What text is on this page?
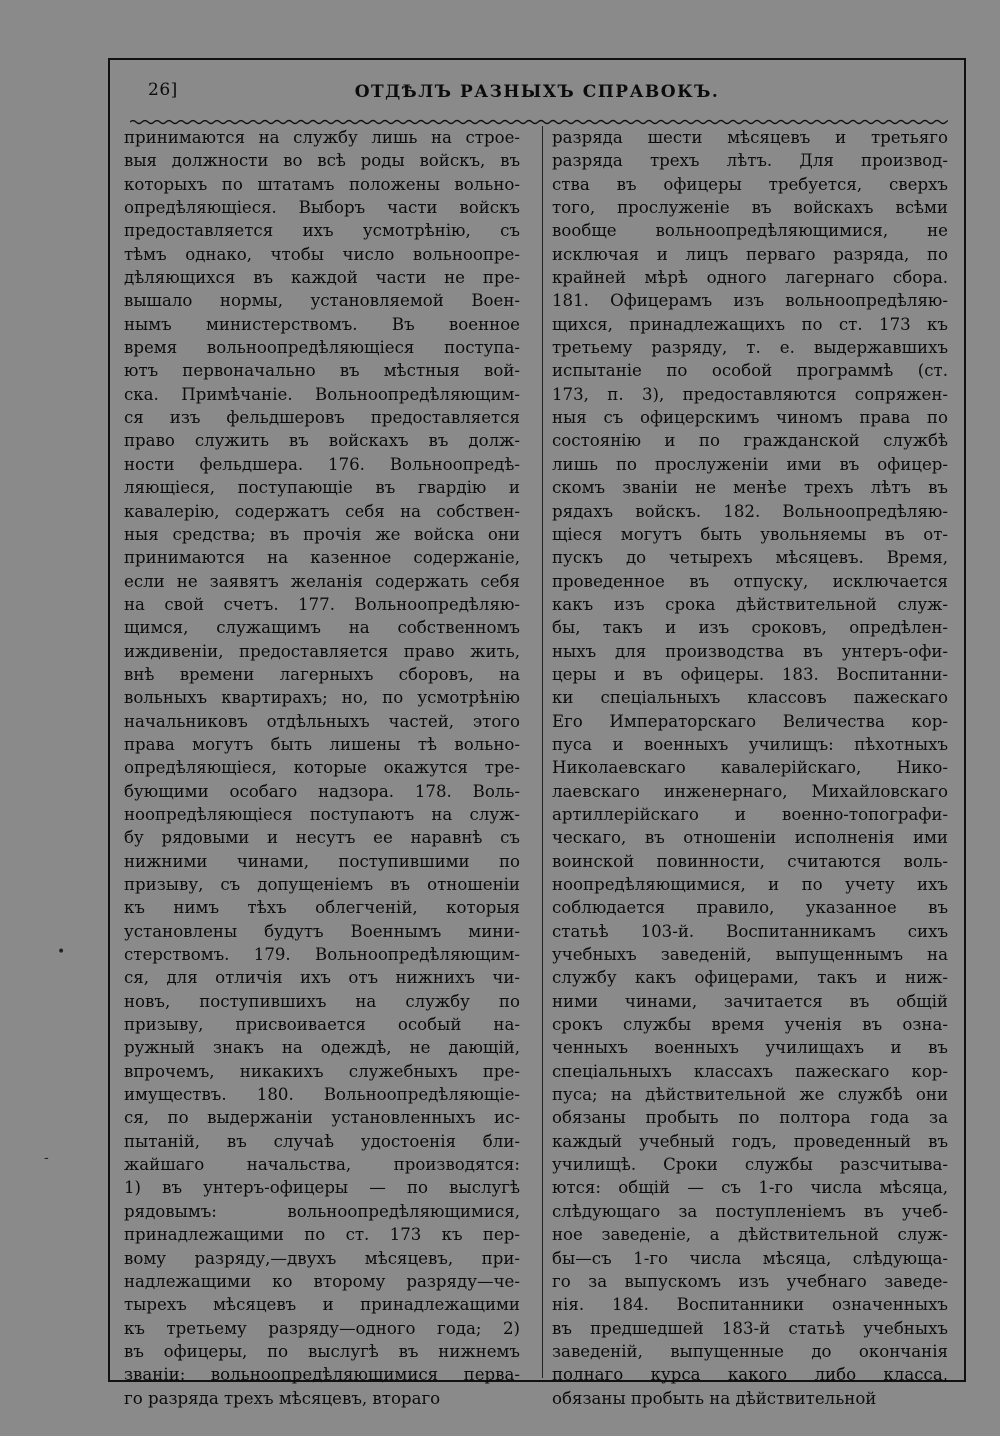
26]	ОТДѢЛЪ РАЗНЫХЪ СПРАВОКЪ.
принимаются на службу лишь на строе-
выя должности во всѣ роды войскъ, въ
которыхъ по штатамъ положены вольно-
опредѣляющіеся. Выборъ части войскъ
предоставляется ихъ усмотрѣнію, съ
тѣмъ однако, чтобы число вольноопре-
дѣляющихся въ каждой части не пре-
вышало нормы, установляемой Воен-
нымъ министерствомъ. Въ военное
время вольноопредѣляющіеся поступа-
ютъ первоначально въ мѣстныя вой-
ска. Примѣчаніе. Вольноопредѣляющим-
ся изъ фельдшеровъ предоставляется
право служить въ войскахъ въ долж-
ности фельдшера. 176. Вольноопредѣ-
ляющіеся, поступающіе въ гвардію и
кавалерію, содержатъ себя на собствен-
ныя средства; въ прочія же войска они
принимаются на казенное содержаніе,
если не заявятъ желанія содержать себя
на свой счетъ. 177. Вольноопредѣляю-
щимся, служащимъ на собственномъ
иждивеніи, предоставляется право жить,
внѣ времени лагерныхъ сборовъ, на
вольныхъ квартирахъ; но, по усмотрѣнію
начальниковъ отдѣльныхъ частей, этого
права могутъ быть лишены тѣ вольно-
опредѣляющіеся, которые окажутся тре-
бующими особаго надзора. 178. Воль-
ноопредѣляющіеся поступаютъ на служ-
бу рядовыми и несутъ ее наравнѣ съ
нижними чинами, поступившими по
призыву, съ допущеніемъ въ отношеніи
къ нимъ тѣхъ облегченій, которыя
установлены будутъ Военнымъ мини-
стерствомъ. 179. Вольноопредѣляющим-
ся, для отличія ихъ отъ нижнихъ чи-
новъ, поступившихъ на службу по
призыву, присвоивается особый на-
ружный знакъ на одеждѣ, не дающій,
впрочемъ, никакихъ служебныхъ пре-
имуществъ. 180. Вольноопредѣляющіе-
ся, по выдержаніи установленныхъ ис-
пытаній, въ случаѣ удостоенія бли-
жайшаго начальства, производятся:
1) въ унтеръ-офицеры — по выслугѣ
рядовымъ: вольноопредѣляющимися,
принадлежащими по ст. 173 къ пер-
вому разряду,—двухъ мѣсяцевъ, при-
надлежащими ко второму разряду—че-
тырехъ мѣсяцевъ и принадлежащими
къ третьему разряду—одного года; 2)
въ офицеры, по выслугѣ въ нижнемъ
званіи: вольноопредѣляющимися перва-
го разряда трехъ мѣсяцевъ, втораго
разряда шести мѣсяцевъ и третьяго
разряда трехъ лѣтъ. Для производ-
ства въ офицеры требуется, сверхъ
того, прослуженіе въ войскахъ всѣми
вообще вольноопредѣляющимися, не
исключая и лицъ перваго разряда, по
крайней мѣрѣ одного лагернаго сбора.
181. Офицерамъ изъ вольноопредѣляю-
щихся, принадлежащихъ по ст. 173 къ
третьему разряду, т. е. выдержавшихъ
испытаніе по особой программѣ (ст.
173, п. 3), предоставляются сопряжен-
ныя съ офицерскимъ чиномъ права по
состоянію и по гражданской службѣ
лишь по прослуженіи ими въ офицер-
скомъ званіи не менѣе трехъ лѣтъ въ
рядахъ войскъ. 182. Вольноопредѣляю-
щіеся могутъ быть увольняемы въ от-
пускъ до четырехъ мѣсяцевъ. Время,
проведенное въ отпуску, исключается
какъ изъ срока дѣйствительной служ-
бы, такъ и изъ сроковъ, опредѣлен-
ныхъ для производства въ унтеръ-офи-
церы и въ офицеры. 183. Воспитанни-
ки спеціальныхъ классовъ пажескаго
Его Императорскаго Величества кор-
пуса и военныхъ училищъ: пѣхотныхъ
Николаевскаго кавалерійскаго, Нико-
лаевскаго инженернаго, Михайловскаго
артиллерійскаго и военно-топографи-
ческаго, въ отношеніи исполненія ими
воинской повинности, считаются воль-
ноопредѣляющимися, и по учету ихъ
соблюдается правило, указанное въ
статьѣ 103-й. Воспитанникамъ сихъ
учебныхъ заведеній, выпущеннымъ на
службу какъ офицерами, такъ и ниж-
ними чинами, зачитается въ общій
срокъ службы время ученія въ озна-
ченныхъ военныхъ училищахъ и въ
спеціальныхъ классахъ пажескаго кор-
пуса; на дѣйствительной же службѣ они
обязаны пробыть по полтора года за
каждый учебный годъ, проведенный въ
училищѣ. Сроки службы разсчитыва-
ются: общій — съ 1-го числа мѣсяца,
слѣдующаго за поступленіемъ въ учеб-
ное заведеніе, а дѣйствительной служ-
бы—съ 1-го числа мѣсяца, слѣдующа-
го за выпускомъ изъ учебнаго заведе-
нія. 184. Воспитанники означенныхъ
въ предшедшей 183-й статьѣ учебныхъ
заведеній, выпущенные до окончанія
полнаго курса какого либо класса,
обязаны пробыть на дѣйствительной
•
-
